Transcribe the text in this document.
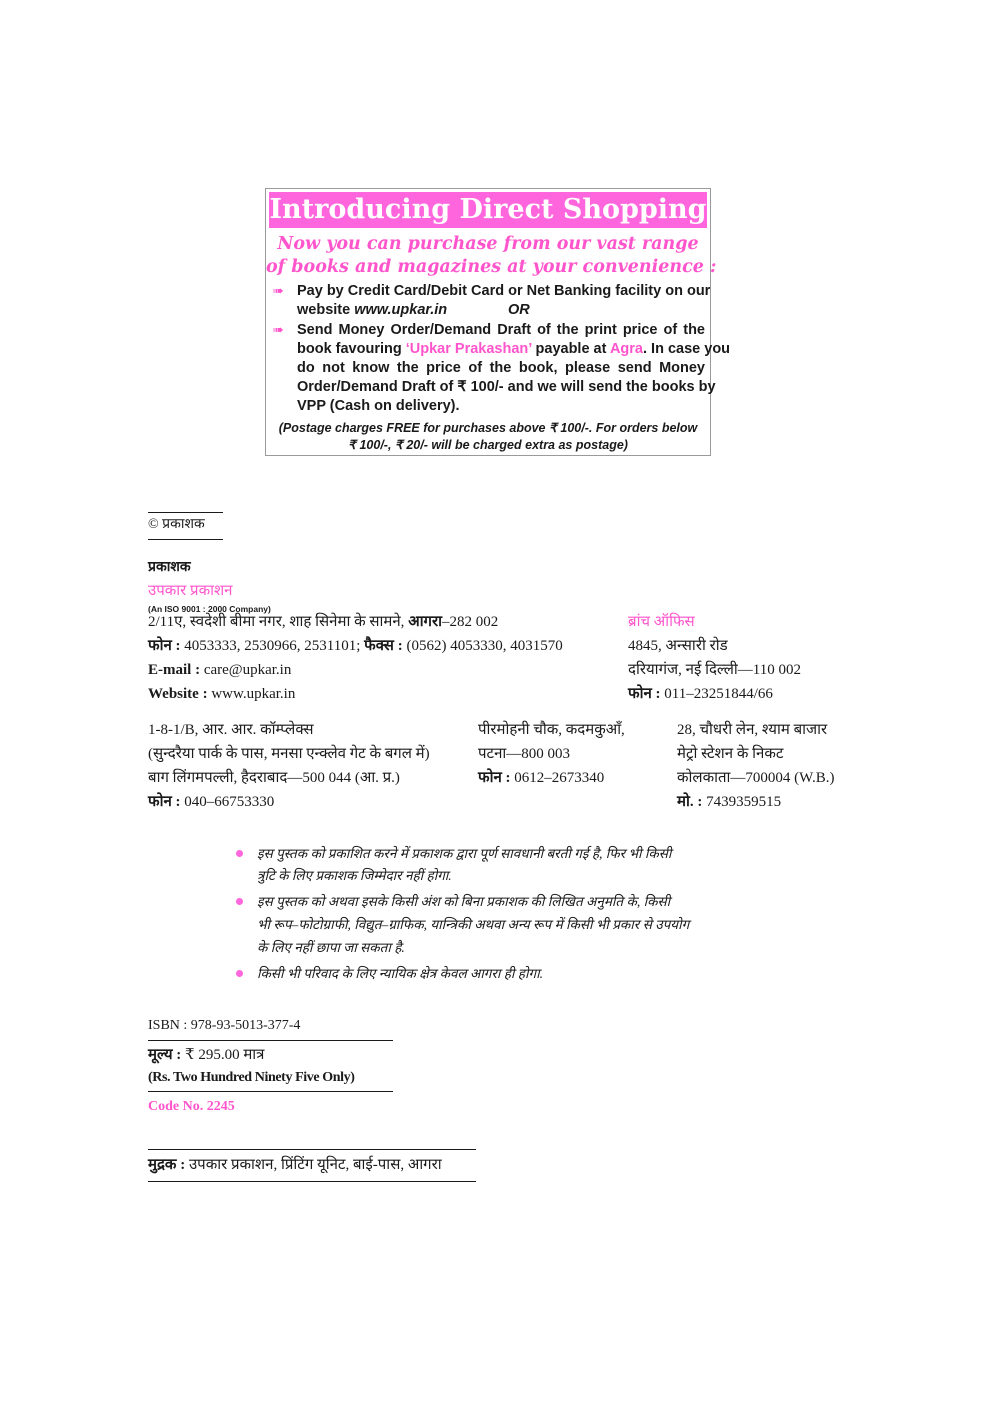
Introducing Direct Shopping
Now you can purchase from our vast range
of books and magazines at your convenience :
➠ Pay by Credit Card/Debit Card or Net Banking facility on our
website www.upkar.in	OR
➠ Send Money Order/Demand Draft of the print price of the
book favouring ‘Upkar Prakashan’ payable at Agra. In case you
do not know the price of the book, please send Money
Order/Demand Draft of ₹ 100/- and we will send the books by
VPP (Cash on delivery).
(Postage charges FREE for purchases above ₹ 100/-. For orders below
₹ 100/-, ₹ 20/- will be charged extra as postage)
© प्रकाशक
प्रकाशक
उपकार प्रकाशन
(An ISO 9001 : 2000 Company)
2/11ए, स्वदेशी बीमा नगर, शाह सिनेमा के सामने, आगरा–282 002
फोन : 4053333, 2530966, 2531101; फैक्स : (0562) 4053330, 4031570
E-mail : care@upkar.in
Website : www.upkar.in
ब्रांच ऑफिस
4845, अन्सारी रोड
दरियागंज, नई दिल्ली—110 002
फोन : 011–23251844/66
1-8-1/B, आर. आर. कॉम्प्लेक्स
(सुन्दरैया पार्क के पास, मनसा एन्क्लेव गेट के बगल में)
बाग लिंगमपल्ली, हैदराबाद—500 044 (आ. प्र.)
फोन : 040–66753330
पीरमोहनी चौक, कदमकुआँ,
पटना—800 003
फोन : 0612–2673340
28, चौधरी लेन, श्याम बाजार
मेट्रो स्टेशन के निकट
कोलकाता—700004 (W.B.)
मो. : 7439359515
इस पुस्तक को प्रकाशित करने में प्रकाशक द्वारा पूर्ण सावधानी बरती गई है, फिर भी किसी
त्रुटि के लिए प्रकाशक जिम्मेदार नहीं होगा.
इस पुस्तक को अथवा इसके किसी अंश को बिना प्रकाशक की लिखित अनुमति के, किसी
भी रूप–फोटोग्राफी, विद्युत–ग्राफिक, यान्त्रिकी अथवा अन्य रूप में किसी भी प्रकार से उपयोग
के लिए नहीं छापा जा सकता है.
किसी भी परिवाद के लिए न्यायिक क्षेत्र केवल आगरा ही होगा.
ISBN : 978-93-5013-377-4
मूल्य : ₹ 295.00 मात्र
(Rs. Two Hundred Ninety Five Only)
Code No. 2245
मुद्रक : उपकार प्रकाशन, प्रिंटिंग यूनिट, बाई-पास, आगरा
